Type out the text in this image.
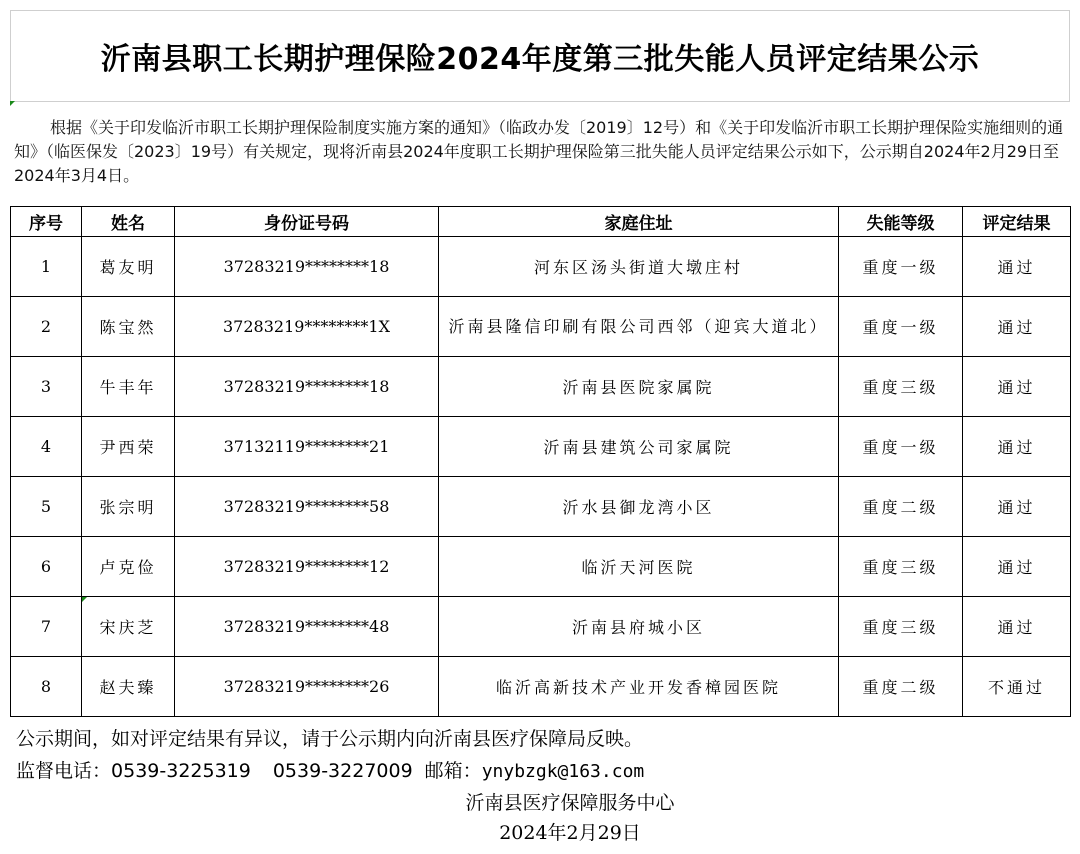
沂南县职工长期护理保险2024年度第三批失能人员评定结果公示
根据《关于印发临沂市职工长期护理保险制度实施方案的通知》（临政办发〔2019〕12号）和《关于印发临沂市职工长期护理保险实施细则的通知》（临医保发〔2023〕19号）有关规定，现将沂南县2024年度职工长期护理保险第三批失能人员评定结果公示如下，公示期自2024年2月29日至2024年3月4日。
序号	姓名	身份证号码	家庭住址	失能等级	评定结果
1	葛友明	37283219********18	河东区汤头街道大墩庄村	重度一级	通过
2	陈宝然	37283219********1X	沂南县隆信印刷有限公司西邻（迎宾大道北）	重度一级	通过
3	牛丰年	37283219********18	沂南县医院家属院	重度三级	通过
4	尹西荣	37132119********21	沂南县建筑公司家属院	重度一级	通过
5	张宗明	37283219********58	沂水县御龙湾小区	重度二级	通过
6	卢克俭	37283219********12	临沂天河医院	重度三级	通过
7	宋庆芝	37283219********48	沂南县府城小区	重度三级	通过
8	赵夫臻	37283219********26	临沂高新技术产业开发香樟园医院	重度二级	不通过
公示期间，如对评定结果有异议，请于公示期内向沂南县医疗保障局反映。
监督电话：0539-3225319 0539-3227009 邮箱：ynybzgk@163.com
沂南县医疗保障服务中心
2024年2月29日
